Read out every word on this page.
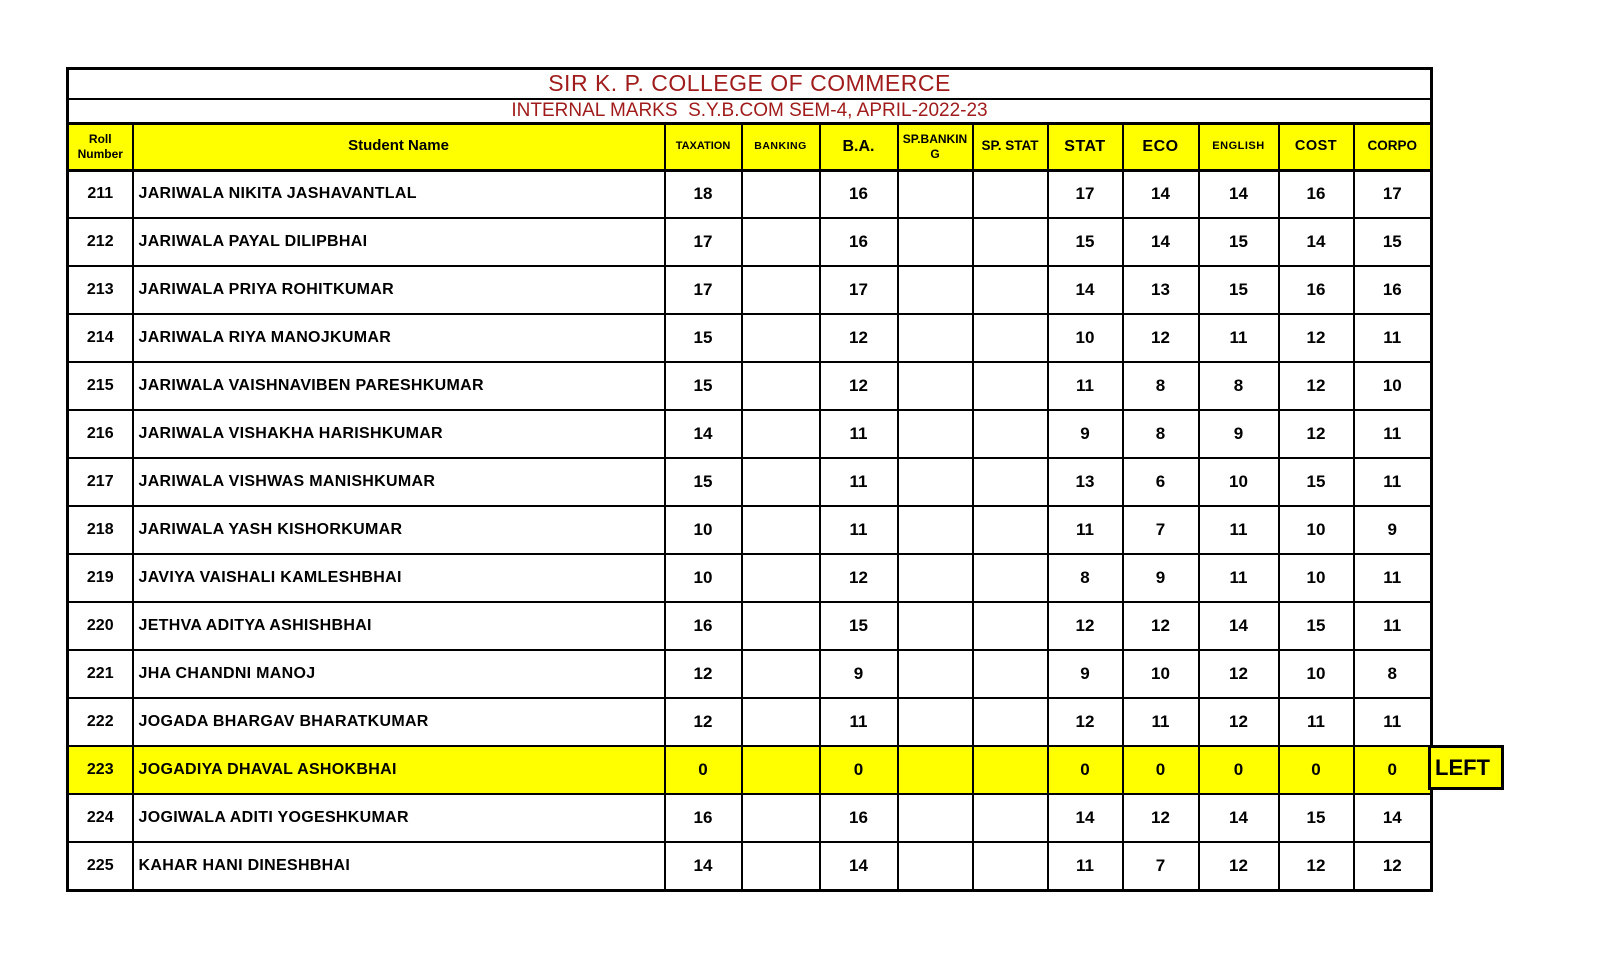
SIR K. P. COLLEGE OF COMMERCE											
INTERNAL MARKS  S.Y.B.COM SEM-4, APRIL-2022-23											
Roll Number	Student Name	TAXATION	BANKING	B.A.	SP.BANKING	SP. STAT	STAT	ECO	ENGLISH	COST	CORPO
211	JARIWALA NIKITA JASHAVANTLAL	18		16			17	14	14	16	17
212	JARIWALA PAYAL DILIPBHAI	17		16			15	14	15	14	15
213	JARIWALA PRIYA ROHITKUMAR	17		17			14	13	15	16	16
214	JARIWALA RIYA MANOJKUMAR	15		12			10	12	11	12	11
215	JARIWALA VAISHNAVIBEN PARESHKUMAR	15		12			11	8	8	12	10
216	JARIWALA VISHAKHA HARISHKUMAR	14		11			9	8	9	12	11
217	JARIWALA VISHWAS MANISHKUMAR	15		11			13	6	10	15	11
218	JARIWALA YASH KISHORKUMAR	10		11			11	7	11	10	9
219	JAVIYA VAISHALI KAMLESHBHAI	10		12			8	9	11	10	11
220	JETHVA ADITYA ASHISHBHAI	16		15			12	12	14	15	11
221	JHA CHANDNI MANOJ	12		9			9	10	12	10	8
222	JOGADA BHARGAV BHARATKUMAR	12		11			12	11	12	11	11
223	JOGADIYA DHAVAL ASHOKBHAI	0		0			0	0	0	0	0
224	JOGIWALA ADITI YOGESHKUMAR	16		16			14	12	14	15	14
225	KAHAR HANI DINESHBHAI	14		14			11	7	12	12	12
LEFT
